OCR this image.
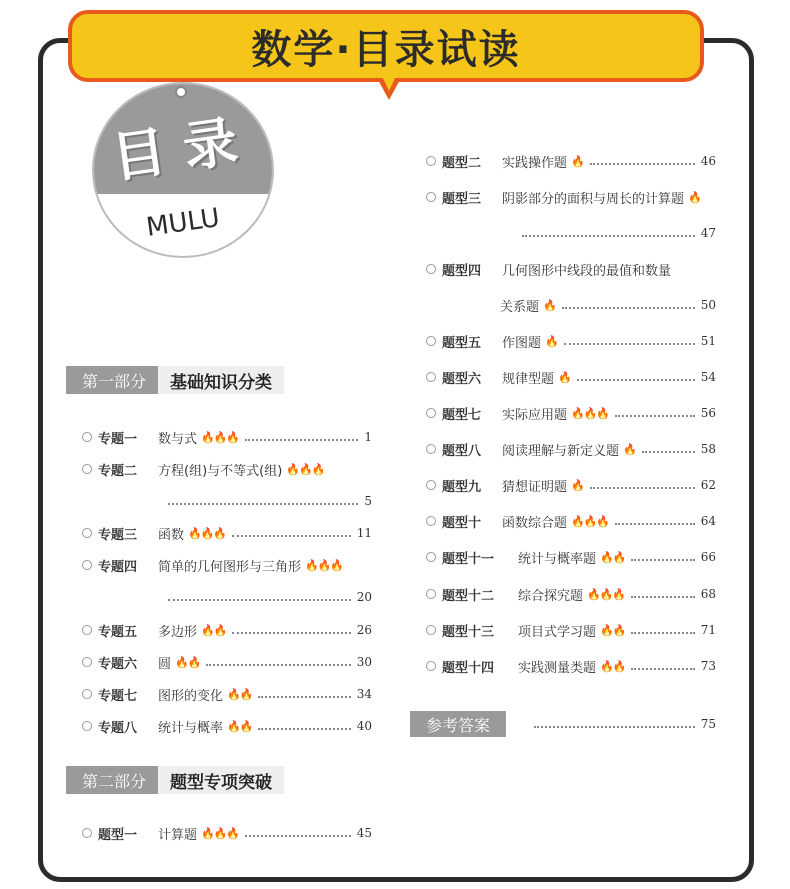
数学·目录试读
目录
MULU
第一部分	基础知识分类
第二部分	题型专项突破
参考答案	75
专题一	数与式 🔥🔥🔥	1
专题二	方程(组)与不等式(组) 🔥🔥🔥
5
专题三	函数 🔥🔥🔥	11
专题四	简单的几何图形与三角形 🔥🔥🔥
20
专题五	多边形 🔥🔥	26
专题六	圆 🔥🔥	30
专题七	图形的变化 🔥🔥	34
专题八	统计与概率 🔥🔥	40
题型一	计算题 🔥🔥🔥	45
题型二	实践操作题 🔥	46
题型三	阴影部分的面积与周长的计算题 🔥
47
题型四	几何图形中线段的最值和数量
关系题 🔥	50
题型五	作图题 🔥	51
题型六	规律型题 🔥	54
题型七	实际应用题 🔥🔥🔥	56
题型八	阅读理解与新定义题 🔥	58
题型九	猜想证明题 🔥	62
题型十	函数综合题 🔥🔥🔥	64
题型十一	统计与概率题 🔥🔥	66
题型十二	综合探究题 🔥🔥🔥	68
题型十三	项目式学习题 🔥🔥	71
题型十四	实践测量类题 🔥🔥	73
